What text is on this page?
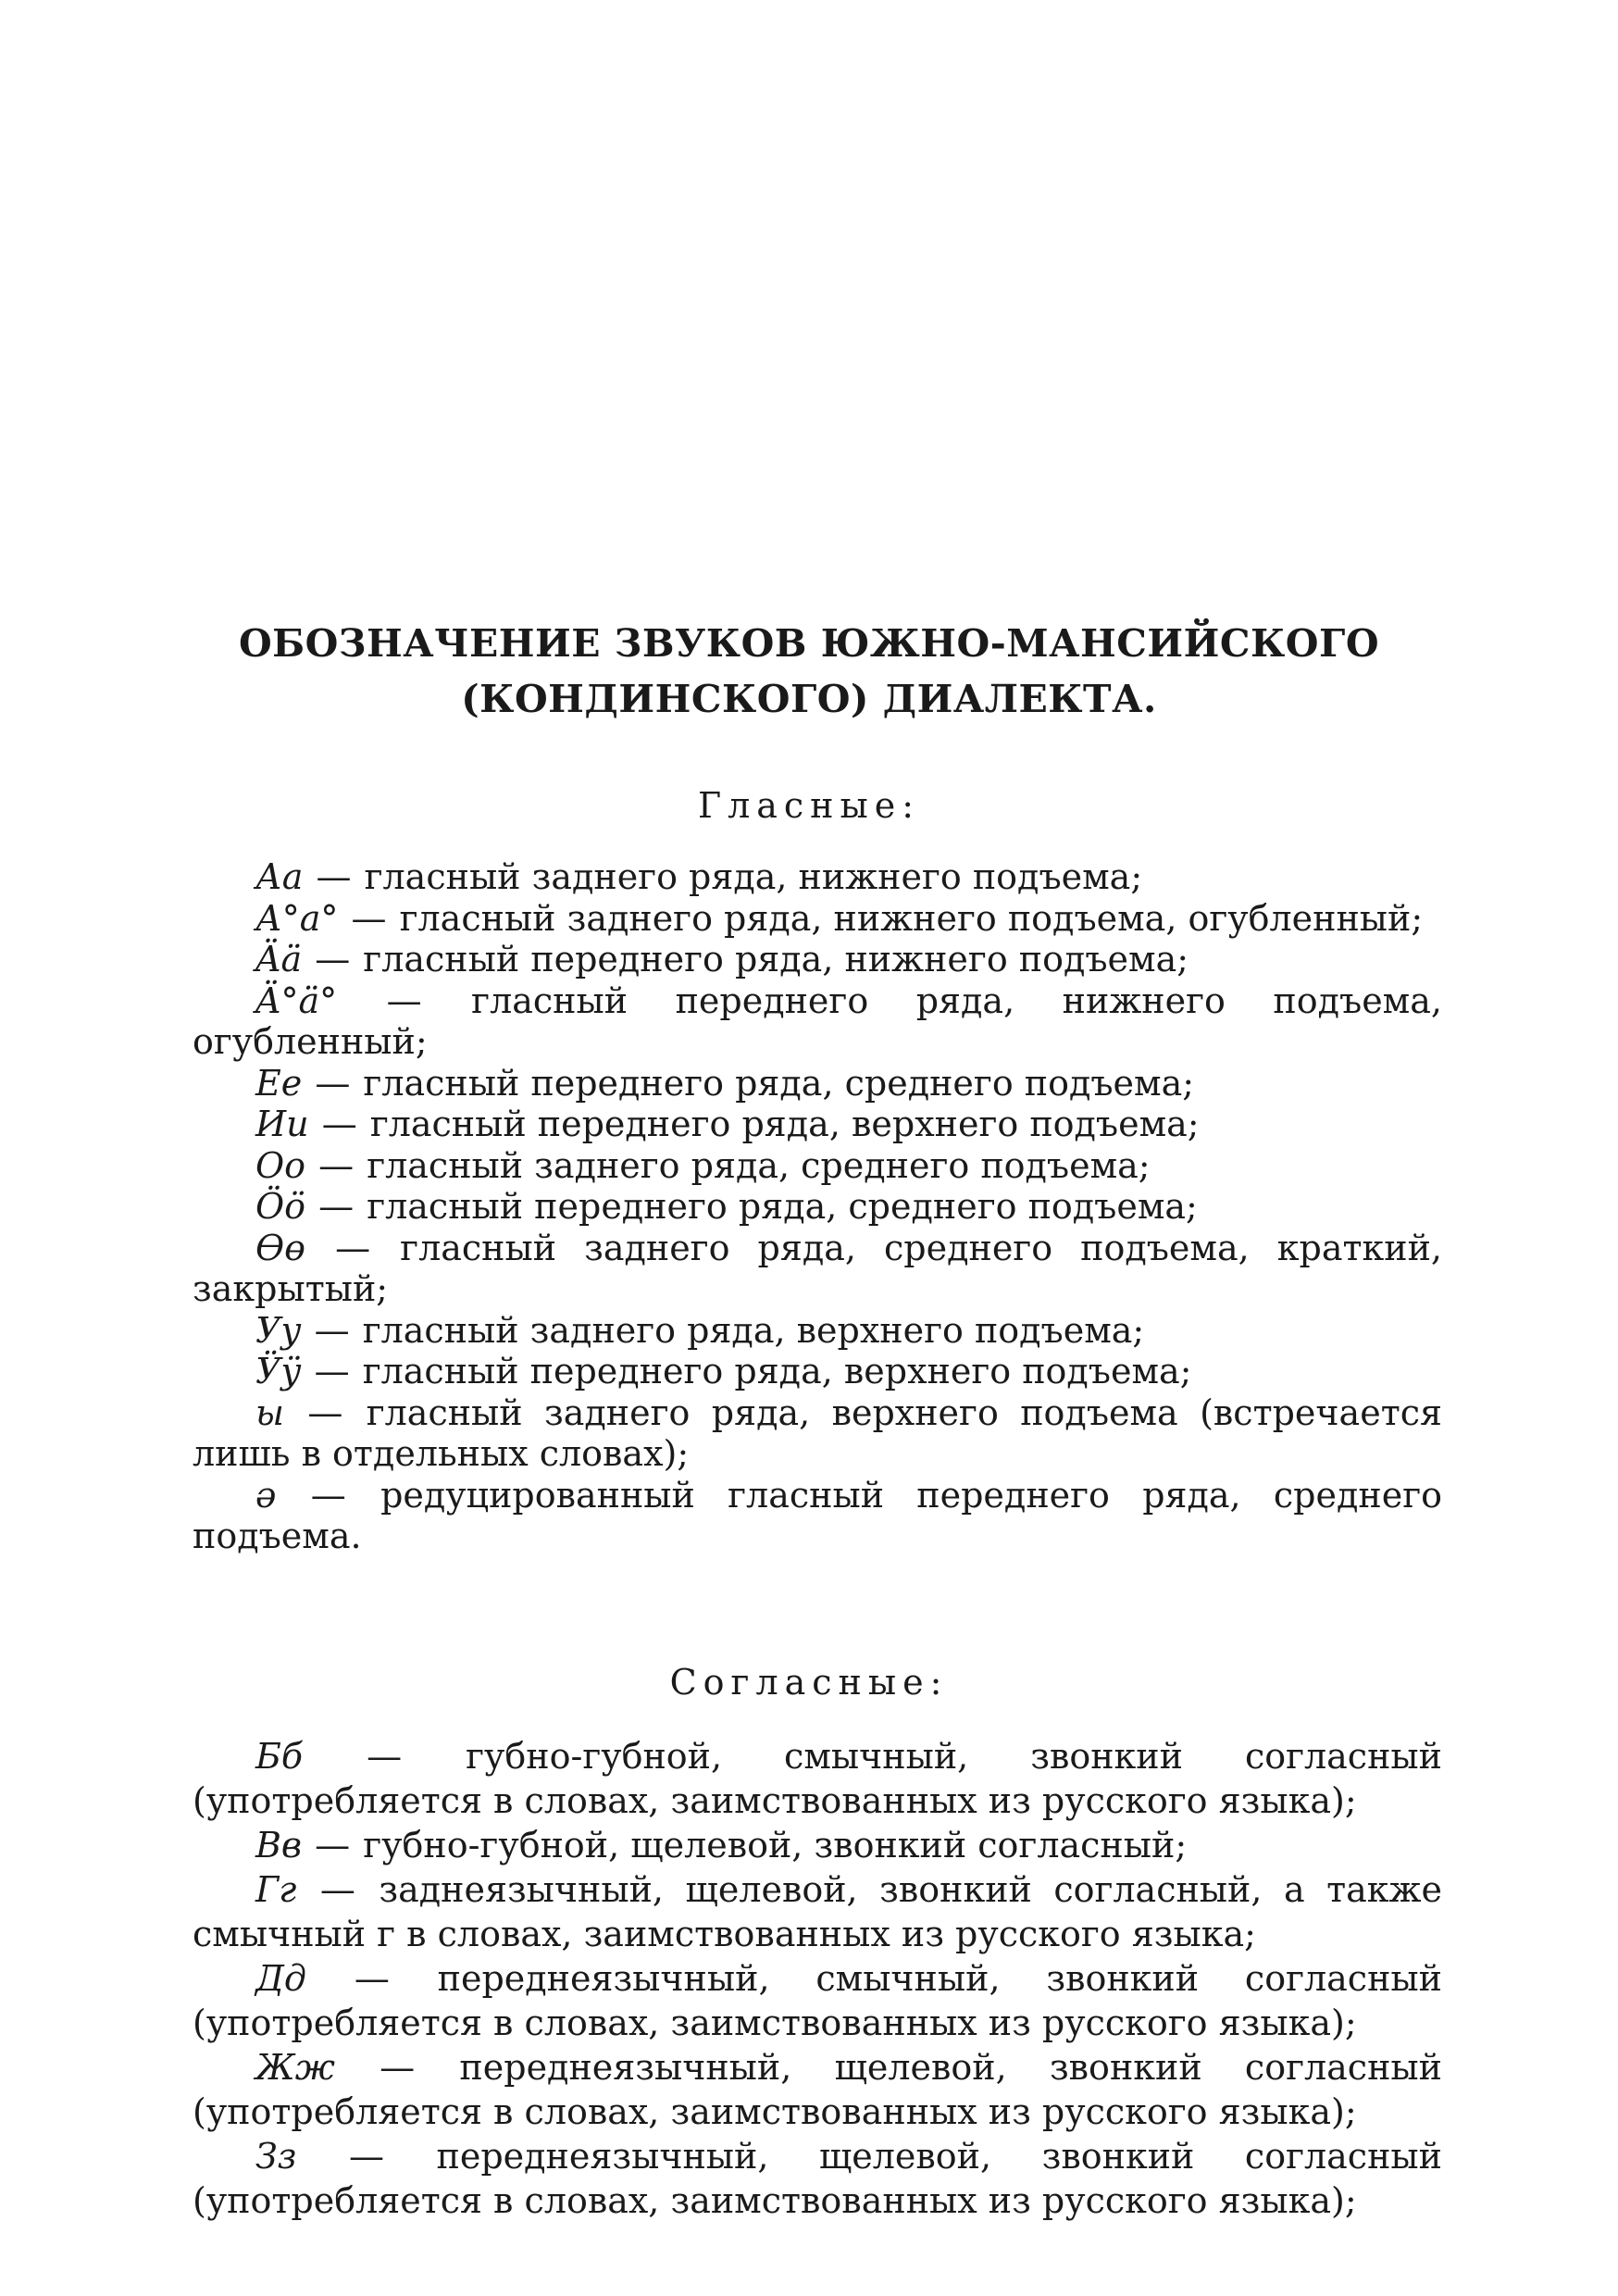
ОБОЗНАЧЕНИЕ ЗВУКОВ ЮЖНО-МАНСИЙСКОГО
(КОНДИНСКОГО) ДИАЛЕКТА.
Гласные:

Аа — гласный заднего ряда, нижнего подъема;

А°а° — гласный заднего ряда, нижнего подъема, огубленный;

Ää — гласный переднего ряда, нижнего подъема;

Ä°ä° — гласный переднего ряда, нижнего подъема, огубленный;

Ее — гласный переднего ряда, среднего подъема;

Ии — гласный переднего ряда, верхнего подъема;

Оо — гласный заднего ряда, среднего подъема;

Öö — гласный переднего ряда, среднего подъема;

Өө — гласный заднего ряда, среднего подъема, краткий, закрытый;

Уу — гласный заднего ряда, верхнего подъема;

Ӱӱ — гласный переднего ряда, верхнего подъема;

ы — гласный заднего ряда, верхнего подъема (встречается лишь в отдельных словах);

ә — редуцированный гласный переднего ряда, среднего подъема.

Согласные:

Бб — губно-губной, смычный, звонкий согласный (употребляется в словах, заимствованных из русского языка);

Вв — губно-губной, щелевой, звонкий согласный;

Гг — заднеязычный, щелевой, звонкий согласный, а также смычный г в словах, заимствованных из русского языка;

Дд — переднеязычный, смычный, звонкий согласный (употребляется в словах, заимствованных из русского языка);

Жж — переднеязычный, щелевой, звонкий согласный (употребляется в словах, заимствованных из русского языка);

Зз — переднеязычный, щелевой, звонкий согласный (употребляется в словах, заимствованных из русского языка);
